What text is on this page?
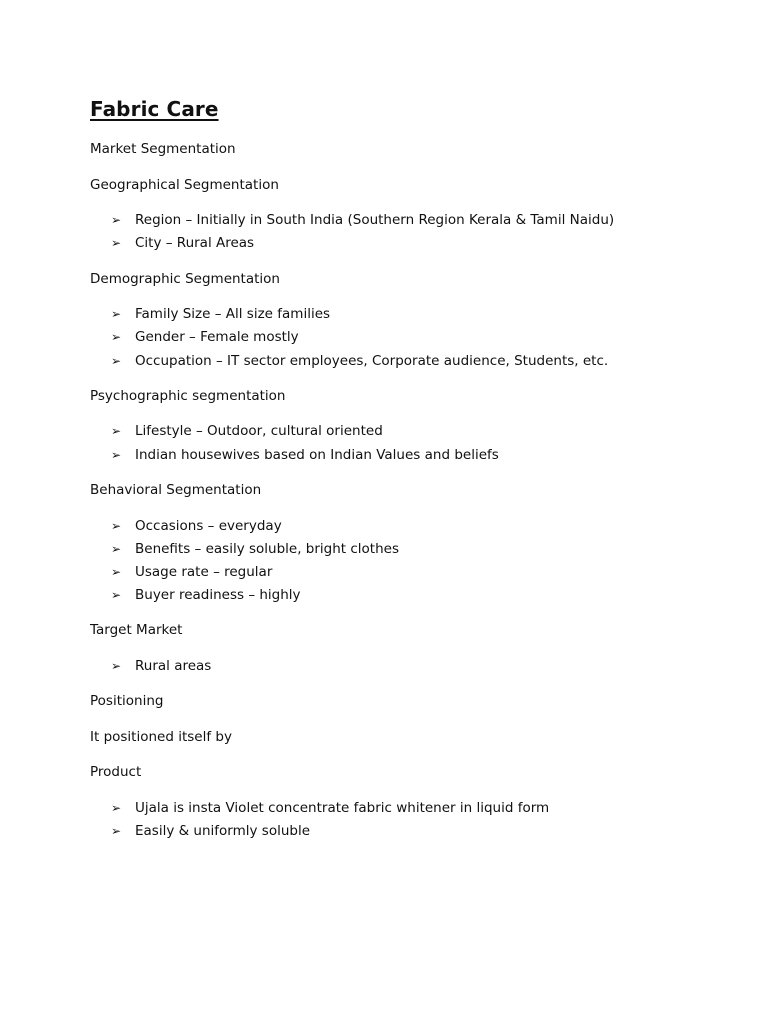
Fabric Care
Market Segmentation
Geographical Segmentation
➢	Region – Initially in South India (Southern Region Kerala & Tamil Naidu)
➢	City – Rural Areas
Demographic Segmentation
➢	Family Size – All size families
➢	Gender – Female mostly
➢	Occupation – IT sector employees, Corporate audience, Students, etc.
Psychographic segmentation
➢	Lifestyle – Outdoor, cultural oriented
➢	Indian housewives based on Indian Values and beliefs
Behavioral Segmentation
➢	Occasions – everyday
➢	Benefits – easily soluble, bright clothes
➢	Usage rate – regular
➢	Buyer readiness – highly
Target Market
➢	Rural areas
Positioning
It positioned itself by
Product
➢	Ujala is insta Violet concentrate fabric whitener in liquid form
➢	Easily & uniformly soluble
